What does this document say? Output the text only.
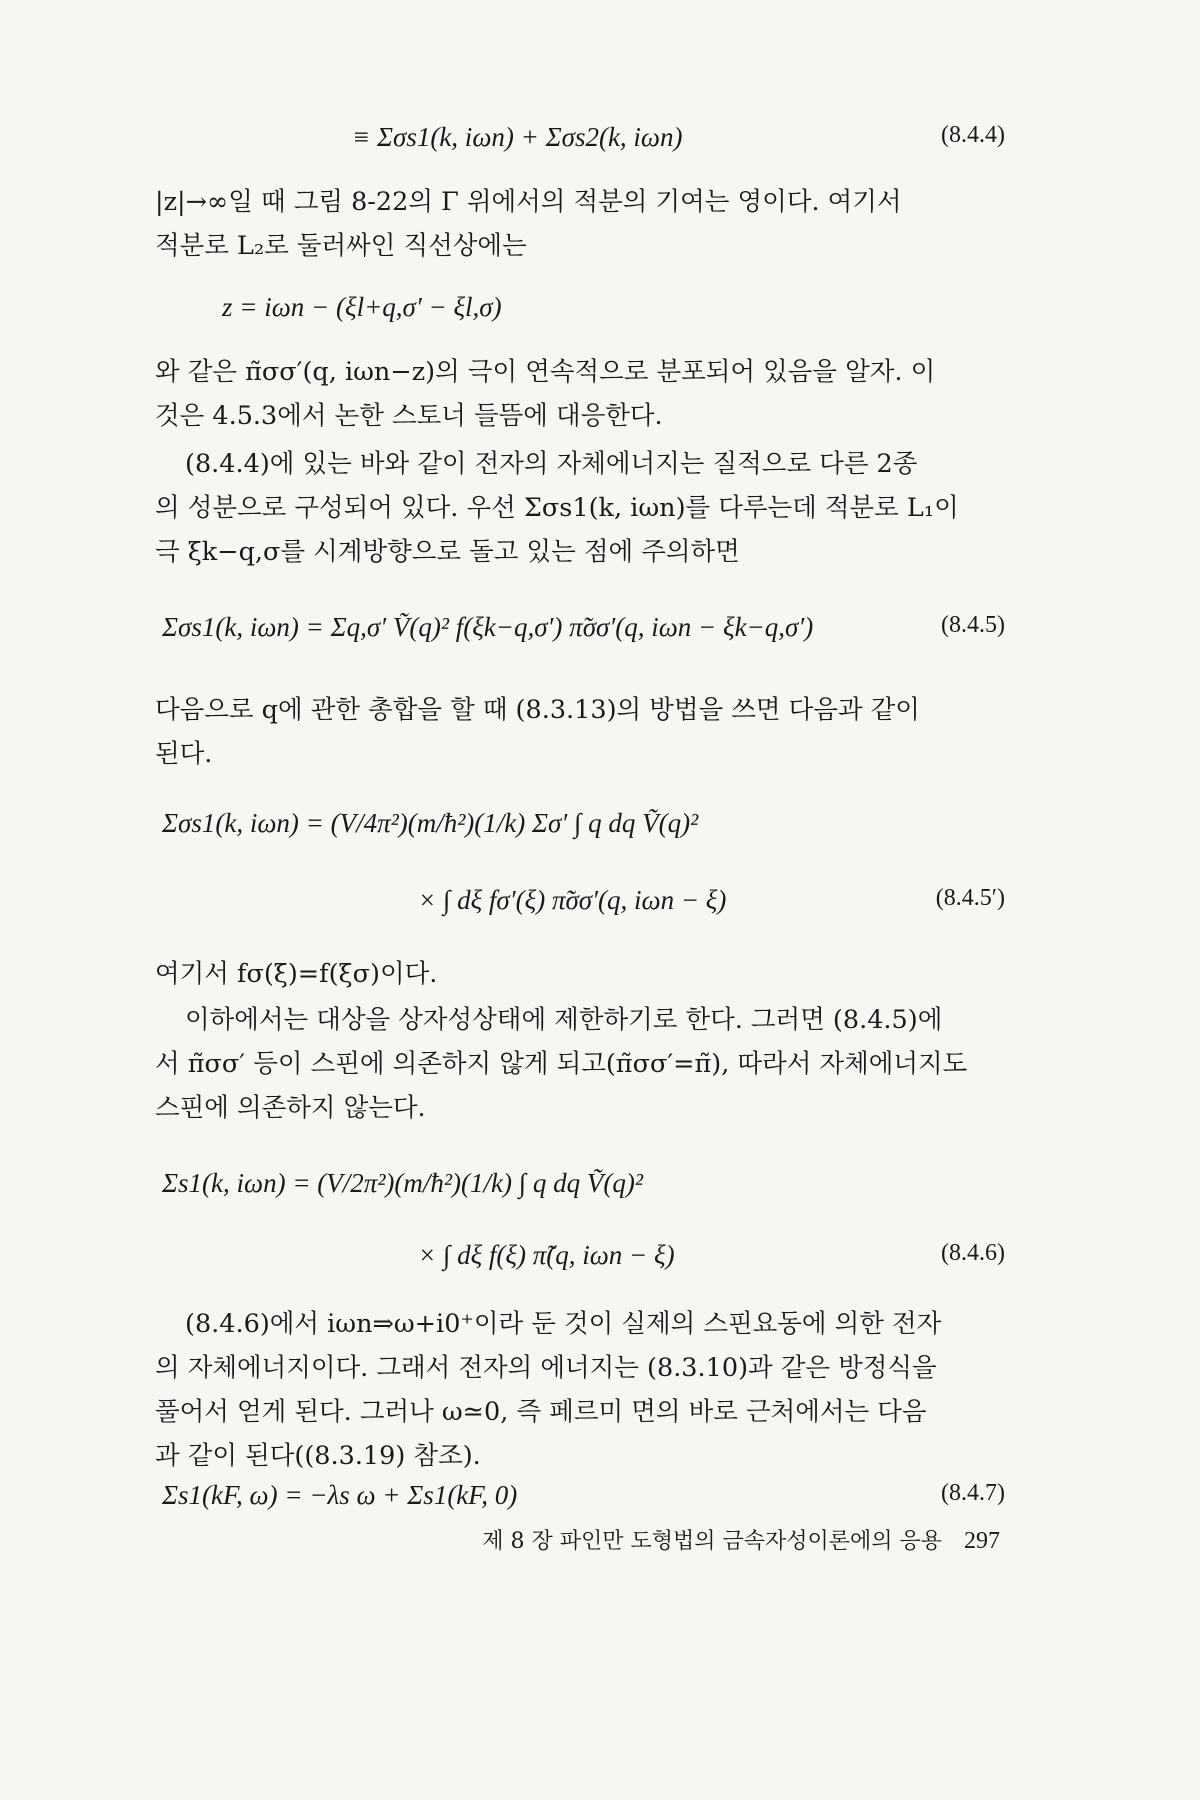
≡ Σσs1(k, iωn) + Σσs2(k, iωn)	(8.4.4)
|z|→∞일 때 그림 8-22의 Γ 위에서의 적분의 기여는 영이다. 여기서
적분로 L₂로 둘러싸인 직선상에는
z = iωn − (ξl+q,σ′ − ξl,σ)
와 같은 π̃σσ′(q, iωn−z)의 극이 연속적으로 분포되어 있음을 알자. 이
것은 4.5.3에서 논한 스토너 들뜸에 대응한다.
(8.4.4)에 있는 바와 같이 전자의 자체에너지는 질적으로 다른 2종
의 성분으로 구성되어 있다. 우선 Σσs1(k, iωn)를 다루는데 적분로 L₁이
극 ξk−q,σ를 시계방향으로 돌고 있는 점에 주의하면
Σσs1(k, iωn) = Σq,σ′ Ṽ(q)² f(ξk−q,σ′) π̃σσ′(q, iωn − ξk−q,σ′)	(8.4.5)
다음으로 q에 관한 총합을 할 때 (8.3.13)의 방법을 쓰면 다음과 같이
된다.
Σσs1(k, iωn) = (V/4π²)(m/ħ²)(1/k) Σσ′ ∫ q dq Ṽ(q)²
× ∫ dξ fσ′(ξ) π̃σσ′(q, iωn − ξ)	(8.4.5′)
여기서 fσ(ξ)=f(ξσ)이다.
이하에서는 대상을 상자성상태에 제한하기로 한다. 그러면 (8.4.5)에
서 π̃σσ′ 등이 스핀에 의존하지 않게 되고(π̃σσ′=π̃), 따라서 자체에너지도
스핀에 의존하지 않는다.
Σs1(k, iωn) = (V/2π²)(m/ħ²)(1/k) ∫ q dq Ṽ(q)²
× ∫ dξ f(ξ) π̃(q, iωn − ξ)	(8.4.6)
(8.4.6)에서 iωn⇒ω+i0⁺이라 둔 것이 실제의 스핀요동에 의한 전자
의 자체에너지이다. 그래서 전자의 에너지는 (8.3.10)과 같은 방정식을
풀어서 얻게 된다. 그러나 ω≃0, 즉 페르미 면의 바로 근처에서는 다음
과 같이 된다((8.3.19) 참조).
Σs1(kF, ω) = −λs ω + Σs1(kF, 0)	(8.4.7)
제 8 장 파인만 도형법의 금속자성이론에의 응용 297
